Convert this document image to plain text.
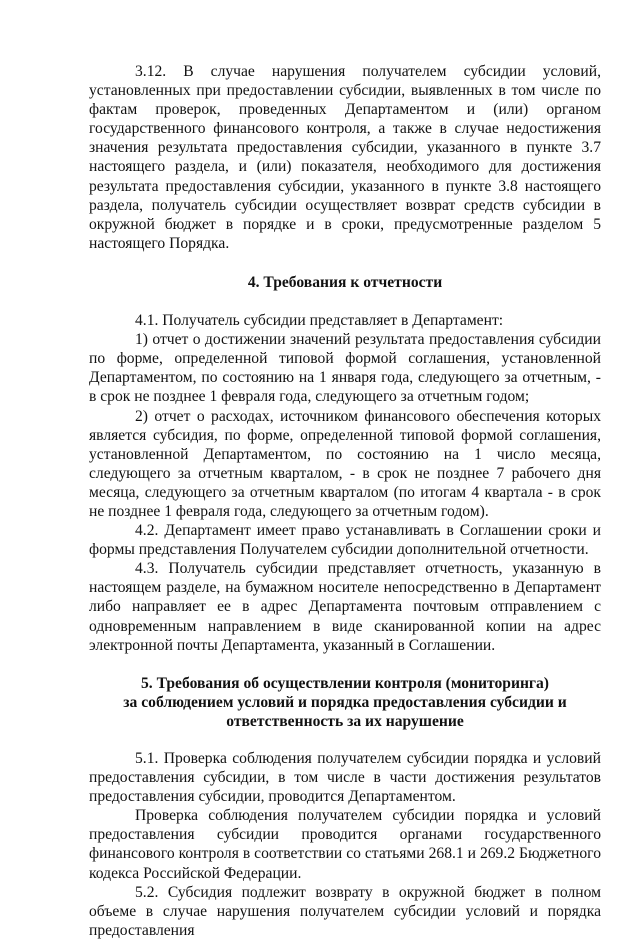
3.12. В случае нарушения получателем субсидии условий, установленных при предоставлении субсидии, выявленных в том числе по фактам проверок, проведенных Департаментом и (или) органом государственного финансового контроля, а также в случае недостижения значения результата предоставления субсидии, указанного в пункте 3.7 настоящего раздела, и (или) показателя, необходимого для достижения результата предоставления субсидии, указанного в пункте 3.8 настоящего раздела, получатель субсидии осуществляет возврат средств субсидии в окружной бюджет в порядке и в сроки, предусмотренные разделом 5 настоящего Порядка.

4. Требования к отчетности

4.1. Получатель субсидии представляет в Департамент:

1) отчет о достижении значений результата предоставления субсидии по форме, определенной типовой формой соглашения, установленной Департаментом, по состоянию на 1 января года, следующего за отчетным, - в срок не позднее 1 февраля года, следующего за отчетным годом;

2) отчет о расходах, источником финансового обеспечения которых является субсидия, по форме, определенной типовой формой соглашения, установленной Департаментом, по состоянию на 1 число месяца, следующего за отчетным кварталом, - в срок не позднее 7 рабочего дня месяца, следующего за отчетным кварталом (по итогам 4 квартала - в срок не позднее 1 февраля года, следующего за отчетным годом).

4.2. Департамент имеет право устанавливать в Соглашении сроки и формы представления Получателем субсидии дополнительной отчетности.

4.3. Получатель субсидии представляет отчетность, указанную в настоящем разделе, на бумажном носителе непосредственно в Департамент либо направляет ее в адрес Департамента почтовым отправлением с одновременным направлением в виде сканированной копии на адрес электронной почты Департамента, указанный в Соглашении.

5. Требования об осуществлении контроля (мониторинга)

за соблюдением условий и порядка предоставления субсидии и

ответственность за их нарушение

5.1. Проверка соблюдения получателем субсидии порядка и условий предоставления субсидии, в том числе в части достижения результатов предоставления субсидии, проводится Департаментом.

Проверка соблюдения получателем субсидии порядка и условий предоставления субсидии проводится органами государственного финансового контроля в соответствии со статьями 268.1 и 269.2 Бюджетного кодекса Российской Федерации.

5.2. Субсидия подлежит возврату в окружной бюджет в полном объеме в случае нарушения получателем субсидии условий и порядка предоставления
